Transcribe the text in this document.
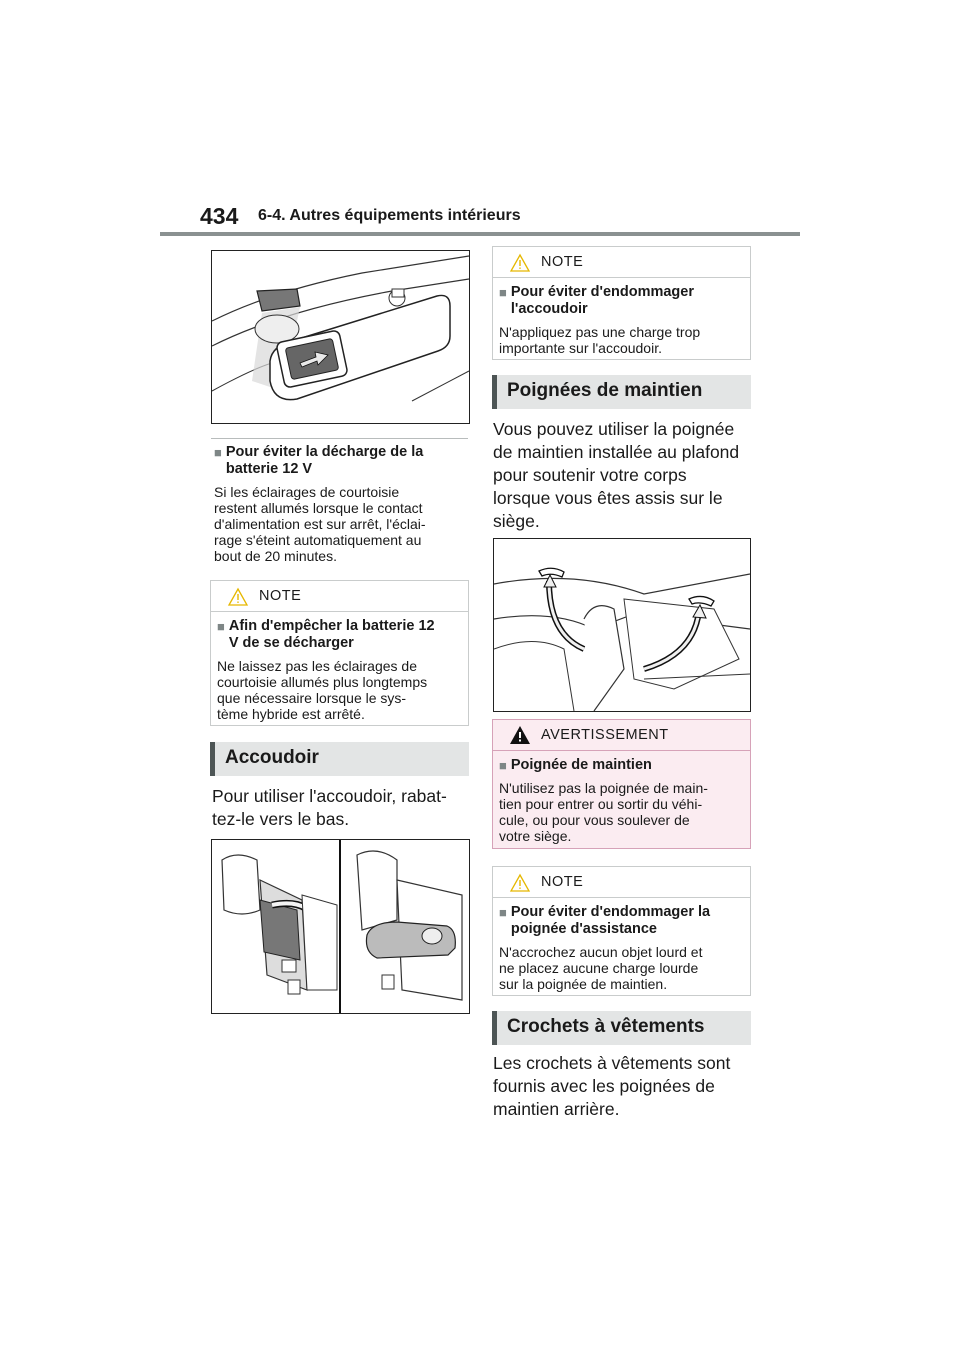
434 6-4. Autres équipements intérieurs
■ Pour éviter la décharge de la
batterie 12 V
Si les éclairages de courtoisie
restent allumés lorsque le contact
d'alimentation est sur arrêt, l'éclai-
rage s'éteint automatiquement au
bout de 20 minutes.
NOTE
■ Afin d'empêcher la batterie 12
V de se décharger
Ne laissez pas les éclairages de
courtoisie allumés plus longtemps
que nécessaire lorsque le sys-
tème hybride est arrêté.
Accoudoir
Pour utiliser l'accoudoir, rabat-
tez-le vers le bas.
NOTE
■ Pour éviter d'endommager
l'accoudoir
N'appliquez pas une charge trop
importante sur l'accoudoir.
Poignées de maintien
Vous pouvez utiliser la poignée
de maintien installée au plafond
pour soutenir votre corps
lorsque vous êtes assis sur le
siège.
AVERTISSEMENT
■ Poignée de maintien
N'utilisez pas la poignée de main-
tien pour entrer ou sortir du véhi-
cule, ou pour vous soulever de
votre siège.
NOTE
■ Pour éviter d'endommager la
poignée d'assistance
N'accrochez aucun objet lourd et
ne placez aucune charge lourde
sur la poignée de maintien.
Crochets à vêtements
Les crochets à vêtements sont
fournis avec les poignées de
maintien arrière.
